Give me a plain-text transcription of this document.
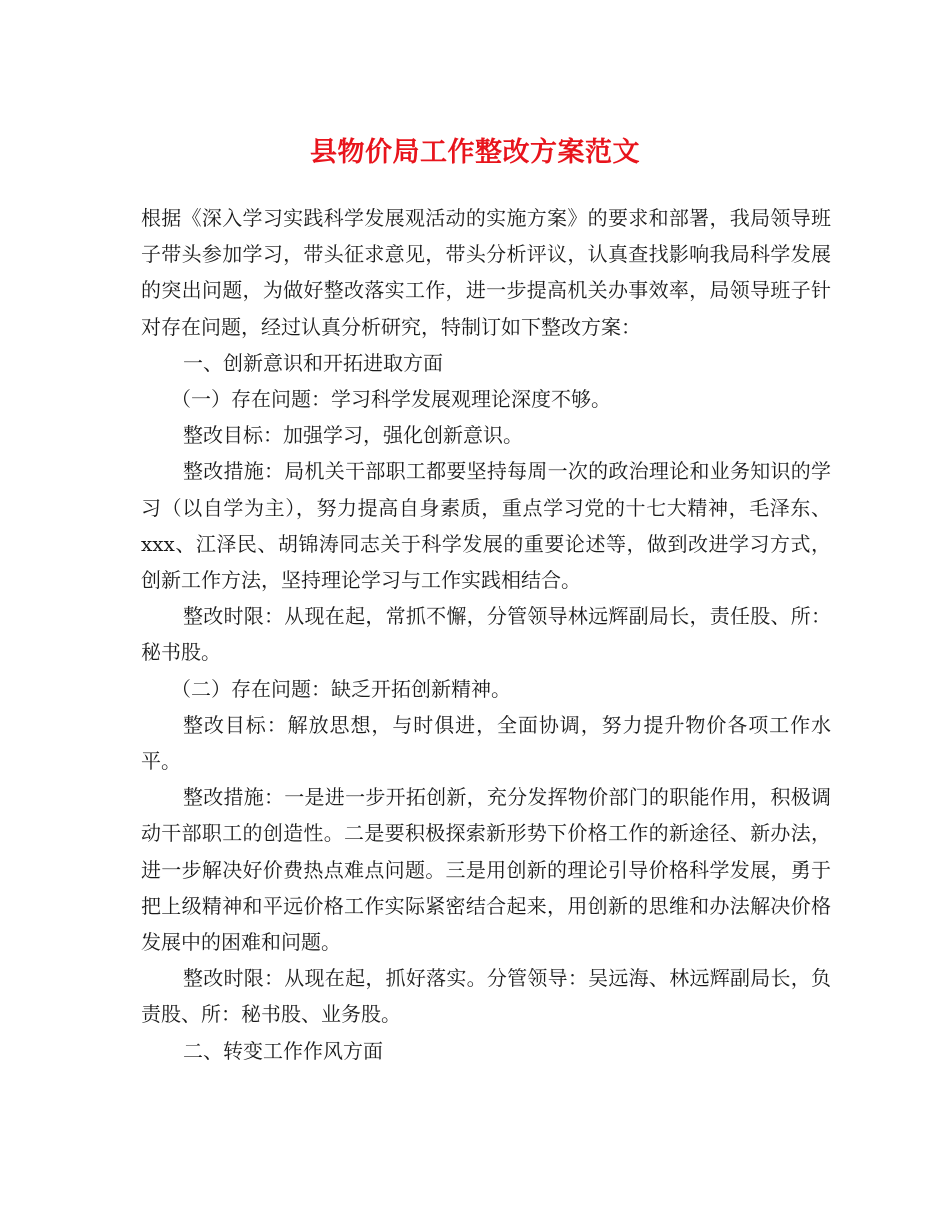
县物价局工作整改方案范文

根据《深入学习实践科学发展观活动的实施方案》的要求和部署，我局领导班子带头参加学习，带头征求意见，带头分析评议，认真查找影响我局科学发展的突出问题，为做好整改落实工作，进一步提高机关办事效率，局领导班子针对存在问题，经过认真分析研究，特制订如下整改方案：

一、创新意识和开拓进取方面

（一）存在问题：学习科学发展观理论深度不够。

整改目标：加强学习，强化创新意识。

整改措施：局机关干部职工都要坚持每周一次的政治理论和业务知识的学习（以自学为主），努力提高自身素质，重点学习党的十七大精神，毛泽东、xxx、江泽民、胡锦涛同志关于科学发展的重要论述等，做到改进学习方式，创新工作方法，坚持理论学习与工作实践相结合。

整改时限：从现在起，常抓不懈，分管领导林远辉副局长，责任股、所：秘书股。

（二）存在问题：缺乏开拓创新精神。

整改目标：解放思想，与时俱进，全面协调，努力提升物价各项工作水平。

整改措施：一是进一步开拓创新，充分发挥物价部门的职能作用，积极调动干部职工的创造性。二是要积极探索新形势下价格工作的新途径、新办法，进一步解决好价费热点难点问题。三是用创新的理论引导价格科学发展，勇于把上级精神和平远价格工作实际紧密结合起来，用创新的思维和办法解决价格发展中的困难和问题。

整改时限：从现在起，抓好落实。分管领导：吴远海、林远辉副局长，负责股、所：秘书股、业务股。

二、转变工作作风方面
